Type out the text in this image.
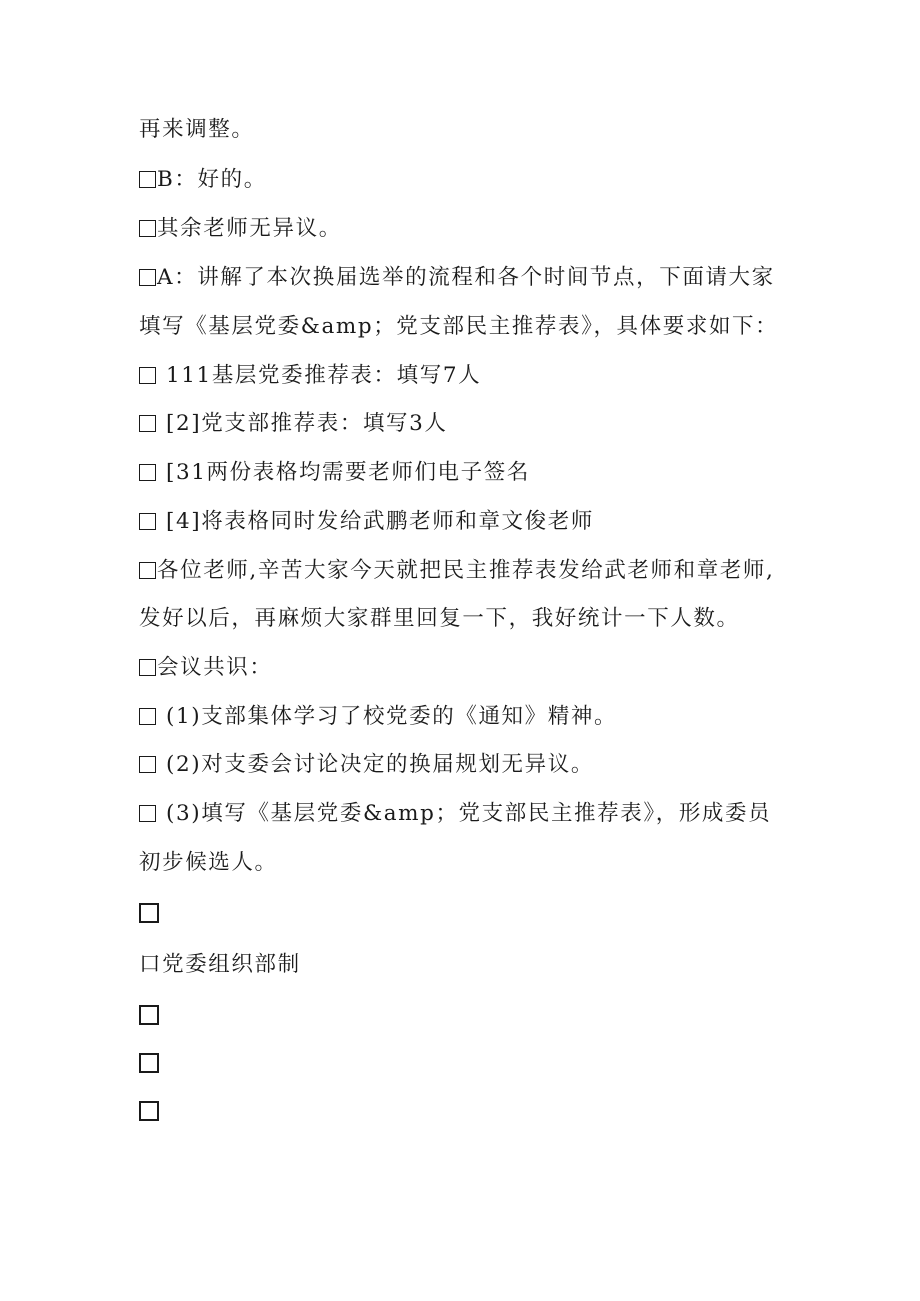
再来调整。
B：好的。
其余老师无异议。
A：讲解了本次换届选举的流程和各个时间节点，下面请大家
填写《基层党委&amp；党支部民主推荐表》，具体要求如下：
111基层党委推荐表：填写7人
[2]党支部推荐表：填写3人
[31两份表格均需要老师们电子签名
[4]将表格同时发给武鹏老师和章文俊老师
各位老师,辛苦大家今天就把民主推荐表发给武老师和章老师,
发好以后，再麻烦大家群里回复一下，我好统计一下人数。
会议共识：
(1)支部集体学习了校党委的《通知》精神。
(2)对支委会讨论决定的换届规划无异议。
(3)填写《基层党委&amp；党支部民主推荐表》，形成委员
初步候选人。
口党委组织部制
